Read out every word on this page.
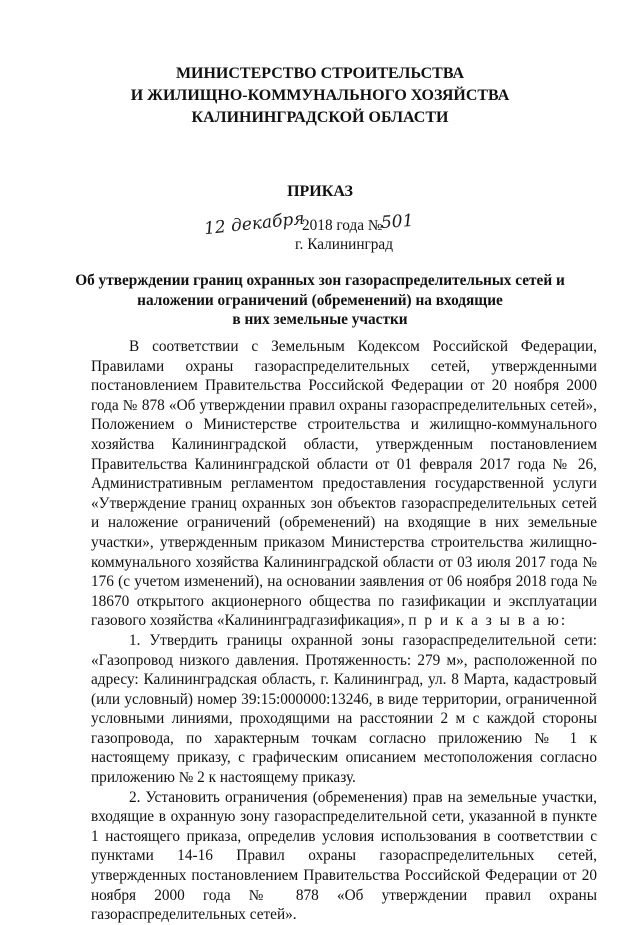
МИНИСТЕРСТВО СТРОИТЕЛЬСТВА
И ЖИЛИЩНО-КОММУНАЛЬНОГО ХОЗЯЙСТВА
КАЛИНИНГРАДСКОЙ ОБЛАСТИ
ПРИКАЗ
12 декабря
2018 года №
501
г. Калининград
Об утверждении границ охранных зон газораспределительных сетей и
наложении ограничений (обременений) на входящие
в них земельные участки

В соответствии с Земельным Кодексом Российской Федерации, Правилами охраны газораспределительных сетей, утвержденными постановлением Правительства Российской Федерации от 20 ноября 2000 года № 878 «Об утверждении правил охраны газораспределительных сетей», Положением о Министерстве строительства и жилищно-коммунального хозяйства Калининградской области, утвержденным постановлением Правительства Калининградской области от 01 февраля 2017 года № 26, Административным регламентом предоставления государственной услуги «Утверждение границ охранных зон объектов газораспределительных сетей и наложение ограничений (обременений) на входящие в них земельные участки», утвержденным приказом Министерства строительства жилищно-коммунального хозяйства Калининградской области от 03 июля 2017 года № 176 (с учетом изменений), на основании заявления от 06 ноября 2018 года № 18670 открытого акционерного общества по газификации и эксплуатации газового хозяйства «Калининградгазификация», п р и к а з ы в а ю:

1. Утвердить границы охранной зоны газораспределительной сети: «Газопровод низкого давления. Протяженность: 279 м», расположенной по адресу: Калининградская область, г. Калининград, ул. 8 Марта, кадастровый (или условный) номер 39:15:000000:13246, в виде территории, ограниченной условными линиями, проходящими на расстоянии 2 м с каждой стороны газопровода, по характерным точкам согласно приложению № 1 к настоящему приказу, с графическим описанием местоположения согласно приложению № 2 к настоящему приказу.

2. Установить ограничения (обременения) прав на земельные участки, входящие в охранную зону газораспределительной сети, указанной в пункте 1 настоящего приказа, определив условия использования в соответствии с пунктами 14-16 Правил охраны газораспределительных сетей, утвержденных постановлением Правительства Российской Федерации от 20 ноября 2000 года № 878 «Об утверждении правил охраны газораспределительных сетей».
